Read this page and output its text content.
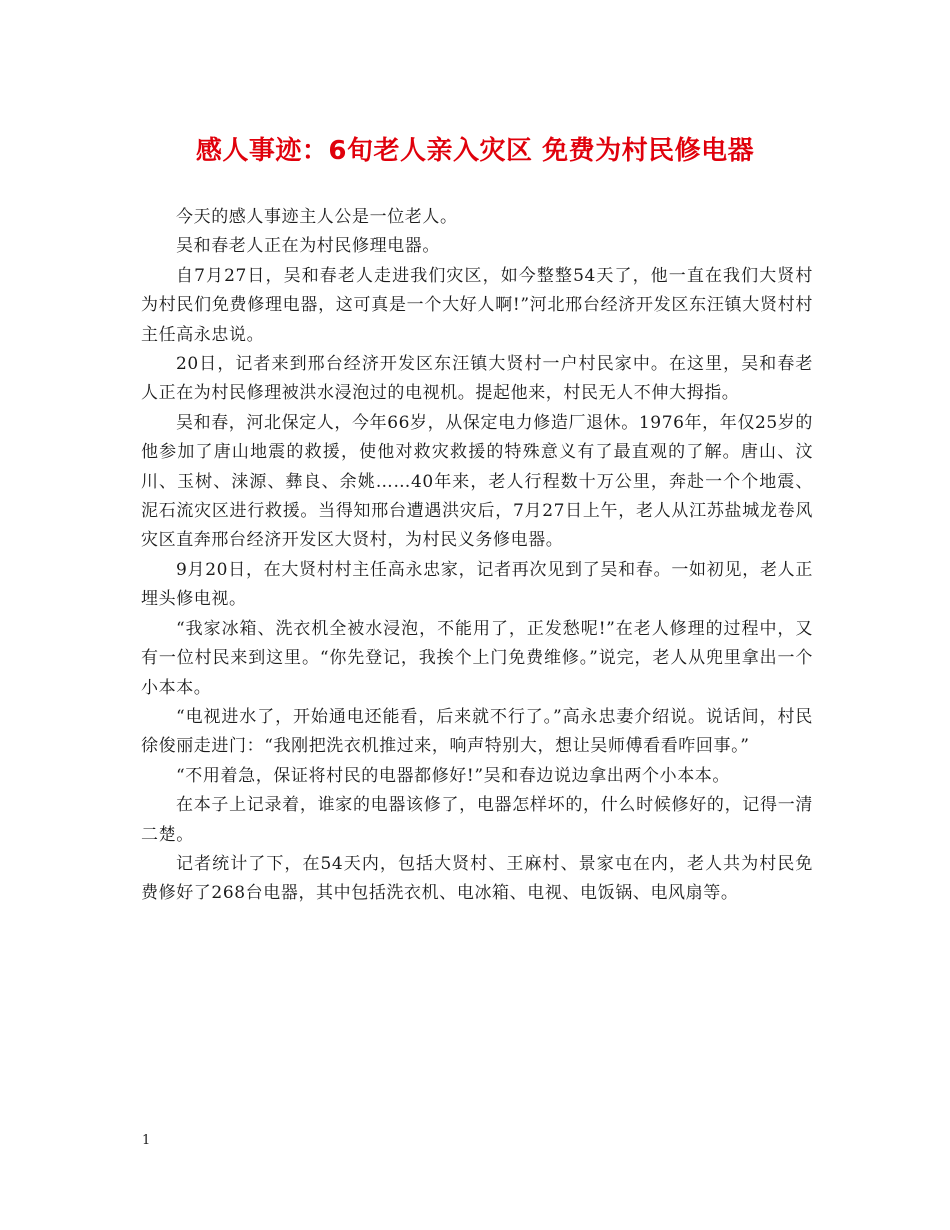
感人事迹：6旬老人亲入灾区 免费为村民修电器

今天的感人事迹主人公是一位老人。

吴和春老人正在为村民修理电器。

自7月27日，吴和春老人走进我们灾区，如今整整54天了，他一直在我们大贤村为村民们免费修理电器，这可真是一个大好人啊!”河北邢台经济开发区东汪镇大贤村村主任高永忠说。

20日，记者来到邢台经济开发区东汪镇大贤村一户村民家中。在这里，吴和春老人正在为村民修理被洪水浸泡过的电视机。提起他来，村民无人不伸大拇指。

吴和春，河北保定人，今年66岁，从保定电力修造厂退休。1976年，年仅25岁的他参加了唐山地震的救援，使他对救灾救援的特殊意义有了最直观的了解。唐山、汶川、玉树、涞源、彝良、余姚……40年来，老人行程数十万公里，奔赴一个个地震、泥石流灾区进行救援。当得知邢台遭遇洪灾后，7月27日上午，老人从江苏盐城龙卷风灾区直奔邢台经济开发区大贤村，为村民义务修电器。

9月20日，在大贤村村主任高永忠家，记者再次见到了吴和春。一如初见，老人正埋头修电视。

“我家冰箱、洗衣机全被水浸泡，不能用了，正发愁呢!”在老人修理的过程中，又有一位村民来到这里。“你先登记，我挨个上门免费维修。”说完，老人从兜里拿出一个小本本。

“电视进水了，开始通电还能看，后来就不行了。”高永忠妻介绍说。说话间，村民徐俊丽走进门：“我刚把洗衣机推过来，响声特别大，想让吴师傅看看咋回事。”

“不用着急，保证将村民的电器都修好!”吴和春边说边拿出两个小本本。

在本子上记录着，谁家的电器该修了，电器怎样坏的，什么时候修好的，记得一清二楚。

记者统计了下，在54天内，包括大贤村、王麻村、景家屯在内，老人共为村民免费修好了268台电器，其中包括洗衣机、电冰箱、电视、电饭锅、电风扇等。

1
